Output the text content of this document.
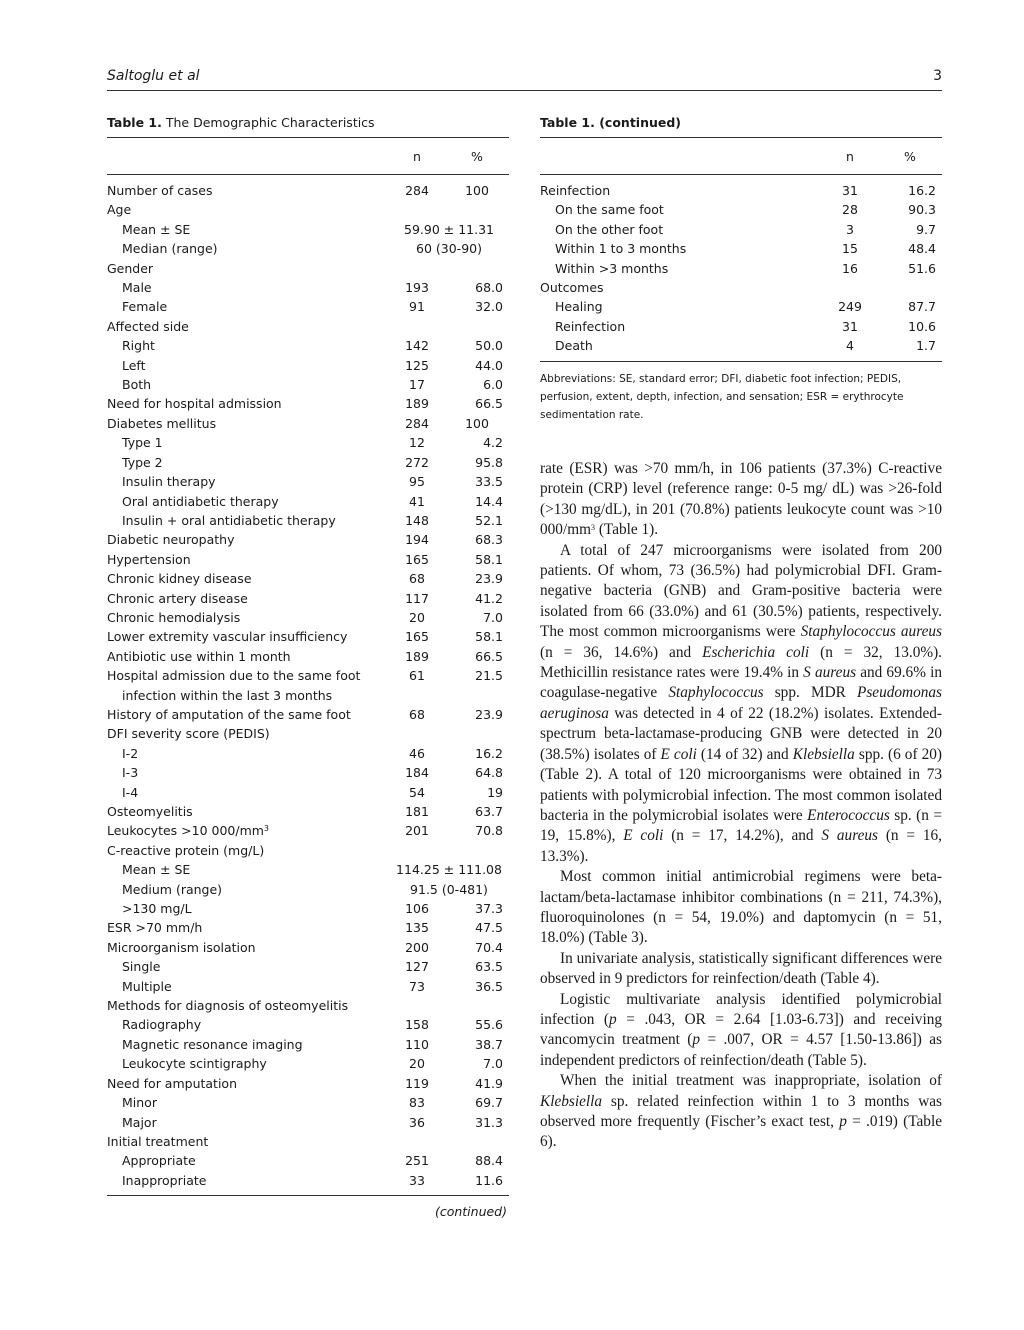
Saltoglu et al	3
Table 1. The Demographic Characteristics
n	%
Number of cases	284	100
Age
Mean ± SE	59.90 ± 11.31
Median (range)	60 (30-90)
Gender
Male	193	68.0
Female	91	32.0
Affected side
Right	142	50.0
Left	125	44.0
Both	17	6.0
Need for hospital admission	189	66.5
Diabetes mellitus	284	100
Type 1	12	4.2
Type 2	272	95.8
Insulin therapy	95	33.5
Oral antidiabetic therapy	41	14.4
Insulin + oral antidiabetic therapy	148	52.1
Diabetic neuropathy	194	68.3
Hypertension	165	58.1
Chronic kidney disease	68	23.9
Chronic artery disease	117	41.2
Chronic hemodialysis	20	7.0
Lower extremity vascular insufficiency	165	58.1
Antibiotic use within 1 month	189	66.5
Hospital admission due to the same foot
infection within the last 3 months
61	21.5
History of amputation of the same foot	68	23.9
DFI severity score (PEDIS)
I-2	46	16.2
I-3	184	64.8
I-4	54	19
Osteomyelitis	181	63.7
Leukocytes >10 $000/mm^3$	201	70.8
C-reactive protein (mg/L)
Mean ± SE	114.25 ± 111.08
Medium (range)	91.5 (0-481)
>130 mg/L	106	37.3
ESR >70 mm/h	135	47.5
Microorganism isolation	200	70.4
Single	127	63.5
Multiple	73	36.5
Methods for diagnosis of osteomyelitis
Radiography	158	55.6
Magnetic resonance imaging	110	38.7
Leukocyte scintigraphy	20	7.0
Need for amputation	119	41.9
Minor	83	69.7
Major	36	31.3
Initial treatment
Appropriate	251	88.4
Inappropriate	33	11.6
(continued)
Table 1. (continued)
n	%
Reinfection	31	16.2
On the same foot	28	90.3
On the other foot	3	9.7
Within 1 to 3 months	15	48.4
Within >3 months	16	51.6
Outcomes
Healing	249	87.7
Reinfection	31	10.6
Death	4	1.7
Abbreviations: SE, standard error; DFI, diabetic foot infection; PEDIS, perfusion, extent, depth, infection, and sensation; ESR = erythrocyte sedimentation rate.

rate (ESR) was >70 mm/h, in 106 patients (37.3%) C-reactive protein (CRP) level (reference range: 0-5 mg/ dL) was >26-fold (>130 mg/dL), in 201 (70.8%) patients leukocyte count was >10 $000/mm^3$ (Table 1).

A total of 247 microorganisms were isolated from 200 patients. Of whom, 73 (36.5%) had polymicrobial DFI. Gram-negative bacteria (GNB) and Gram-positive bacteria were isolated from 66 (33.0%) and 61 (30.5%) patients, respectively. The most common microorganisms were Staphylococcus aureus (n = 36, 14.6%) and Escherichia coli (n = 32, 13.0%). Methicillin resistance rates were 19.4% in S aureus and 69.6% in coagulase-negative Staphylococcus spp. MDR Pseudomonas aeruginosa was detected in 4 of 22 (18.2%) isolates. Extended-spectrum beta-lactamase-producing GNB were detected in 20 (38.5%) isolates of E coli (14 of 32) and Klebsiella spp. (6 of 20) (Table 2). A total of 120 microorganisms were obtained in 73 patients with polymicrobial infection. The most common isolated bacteria in the polymicrobial isolates were Enterococcus sp. (n = 19, 15.8%), E coli (n = 17, 14.2%), and S aureus (n = 16, 13.3%).

Most common initial antimicrobial regimens were beta-lactam/beta-lactamase inhibitor combinations (n = 211, 74.3%), fluoroquinolones (n = 54, 19.0%) and daptomycin (n = 51, 18.0%) (Table 3).

In univariate analysis, statistically significant differences were observed in 9 predictors for reinfection/death (Table 4).

Logistic multivariate analysis identified polymicrobial infection (p = .043, OR = 2.64 [1.03-6.73]) and receiving vancomycin treatment (p = .007, OR = 4.57 [1.50-13.86]) as independent predictors of reinfection/death (Table 5).

When the initial treatment was inappropriate, isolation of Klebsiella sp. related reinfection within 1 to 3 months was observed more frequently (Fischer’s exact test, p = .019) (Table 6).
